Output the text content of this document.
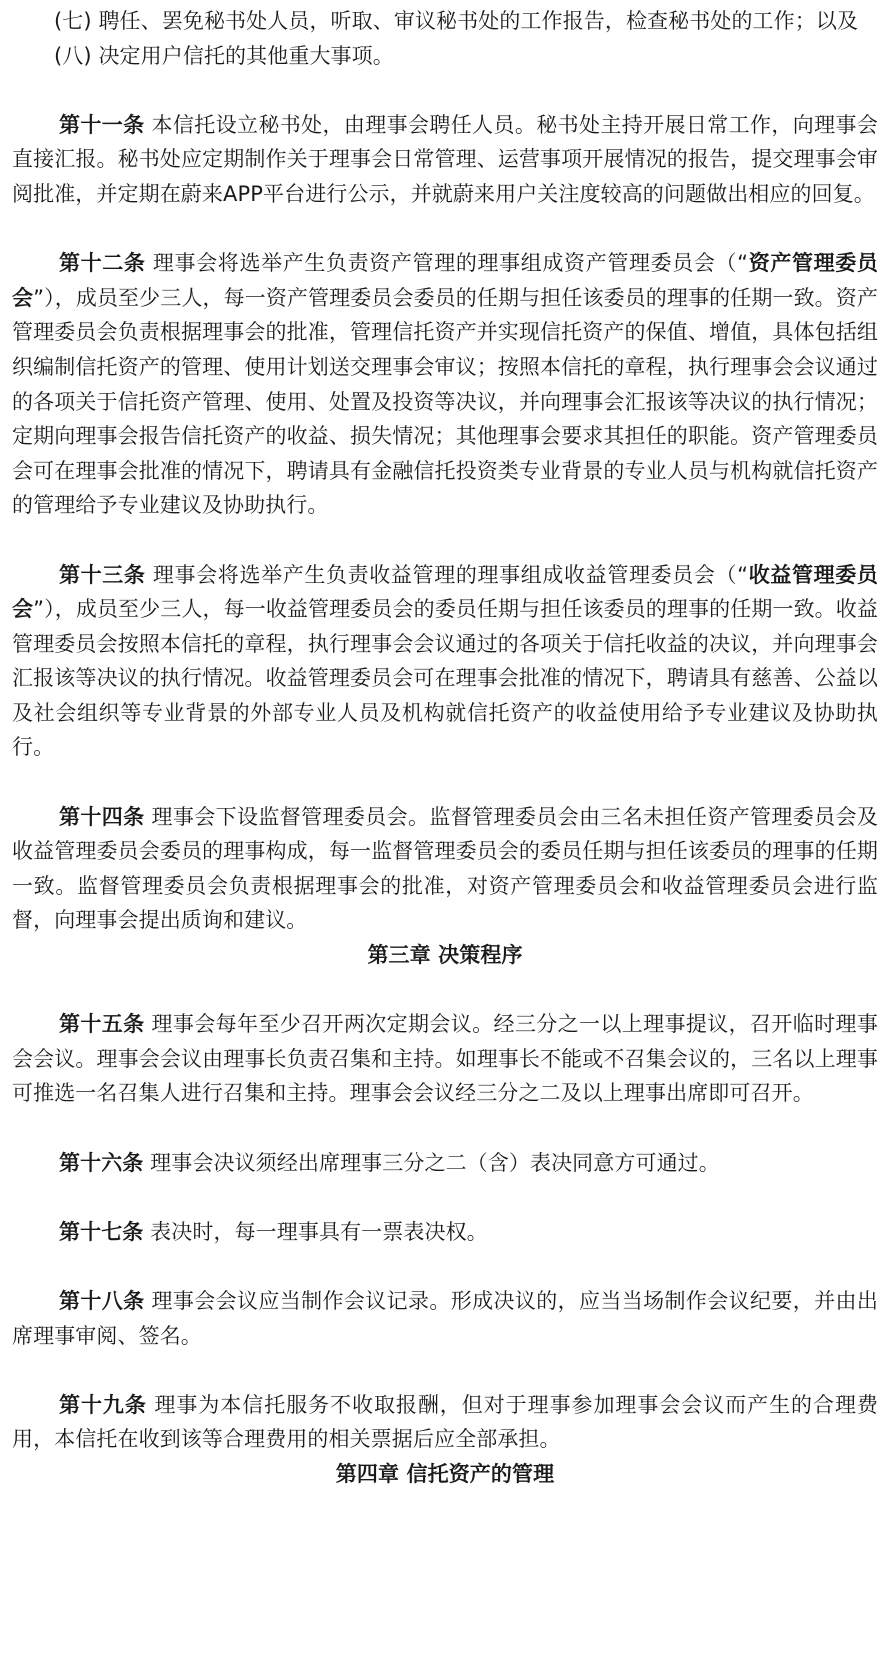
(七) 聘任、罢免秘书处人员，听取、审议秘书处的工作报告，检查秘书处的工作；以及

(八) 决定用户信托的其他重大事项。

第十一条 本信托设立秘书处，由理事会聘任人员。秘书处主持开展日常工作，向理事会直接汇报。秘书处应定期制作关于理事会日常管理、运营事项开展情况的报告，提交理事会审阅批准，并定期在蔚来APP平台进行公示，并就蔚来用户关注度较高的问题做出相应的回复。

第十二条 理事会将选举产生负责资产管理的理事组成资产管理委员会（“资产管理委员会”），成员至少三人，每一资产管理委员会委员的任期与担任该委员的理事的任期一致。资产管理委员会负责根据理事会的批准，管理信托资产并实现信托资产的保值、增值，具体包括组织编制信托资产的管理、使用计划送交理事会审议；按照本信托的章程，执行理事会会议通过的各项关于信托资产管理、使用、处置及投资等决议，并向理事会汇报该等决议的执行情况；定期向理事会报告信托资产的收益、损失情况；其他理事会要求其担任的职能。资产管理委员会可在理事会批准的情况下，聘请具有金融信托投资类专业背景的专业人员与机构就信托资产的管理给予专业建议及协助执行。

第十三条 理事会将选举产生负责收益管理的理事组成收益管理委员会（“收益管理委员会”），成员至少三人，每一收益管理委员会的委员任期与担任该委员的理事的任期一致。收益管理委员会按照本信托的章程，执行理事会会议通过的各项关于信托收益的决议，并向理事会汇报该等决议的执行情况。收益管理委员会可在理事会批准的情况下，聘请具有慈善、公益以及社会组织等专业背景的外部专业人员及机构就信托资产的收益使用给予专业建议及协助执行。

第十四条 理事会下设监督管理委员会。监督管理委员会由三名未担任资产管理委员会及收益管理委员会委员的理事构成，每一监督管理委员会的委员任期与担任该委员的理事的任期一致。监督管理委员会负责根据理事会的批准，对资产管理委员会和收益管理委员会进行监督，向理事会提出质询和建议。

第三章 决策程序

第十五条 理事会每年至少召开两次定期会议。经三分之一以上理事提议，召开临时理事会会议。理事会会议由理事长负责召集和主持。如理事长不能或不召集会议的，三名以上理事可推选一名召集人进行召集和主持。理事会会议经三分之二及以上理事出席即可召开。

第十六条 理事会决议须经出席理事三分之二（含）表决同意方可通过。

第十七条 表决时，每一理事具有一票表决权。

第十八条 理事会会议应当制作会议记录。形成决议的，应当当场制作会议纪要，并由出席理事审阅、签名。

第十九条 理事为本信托服务不收取报酬，但对于理事参加理事会会议而产生的合理费用，本信托在收到该等合理费用的相关票据后应全部承担。

第四章 信托资产的管理
